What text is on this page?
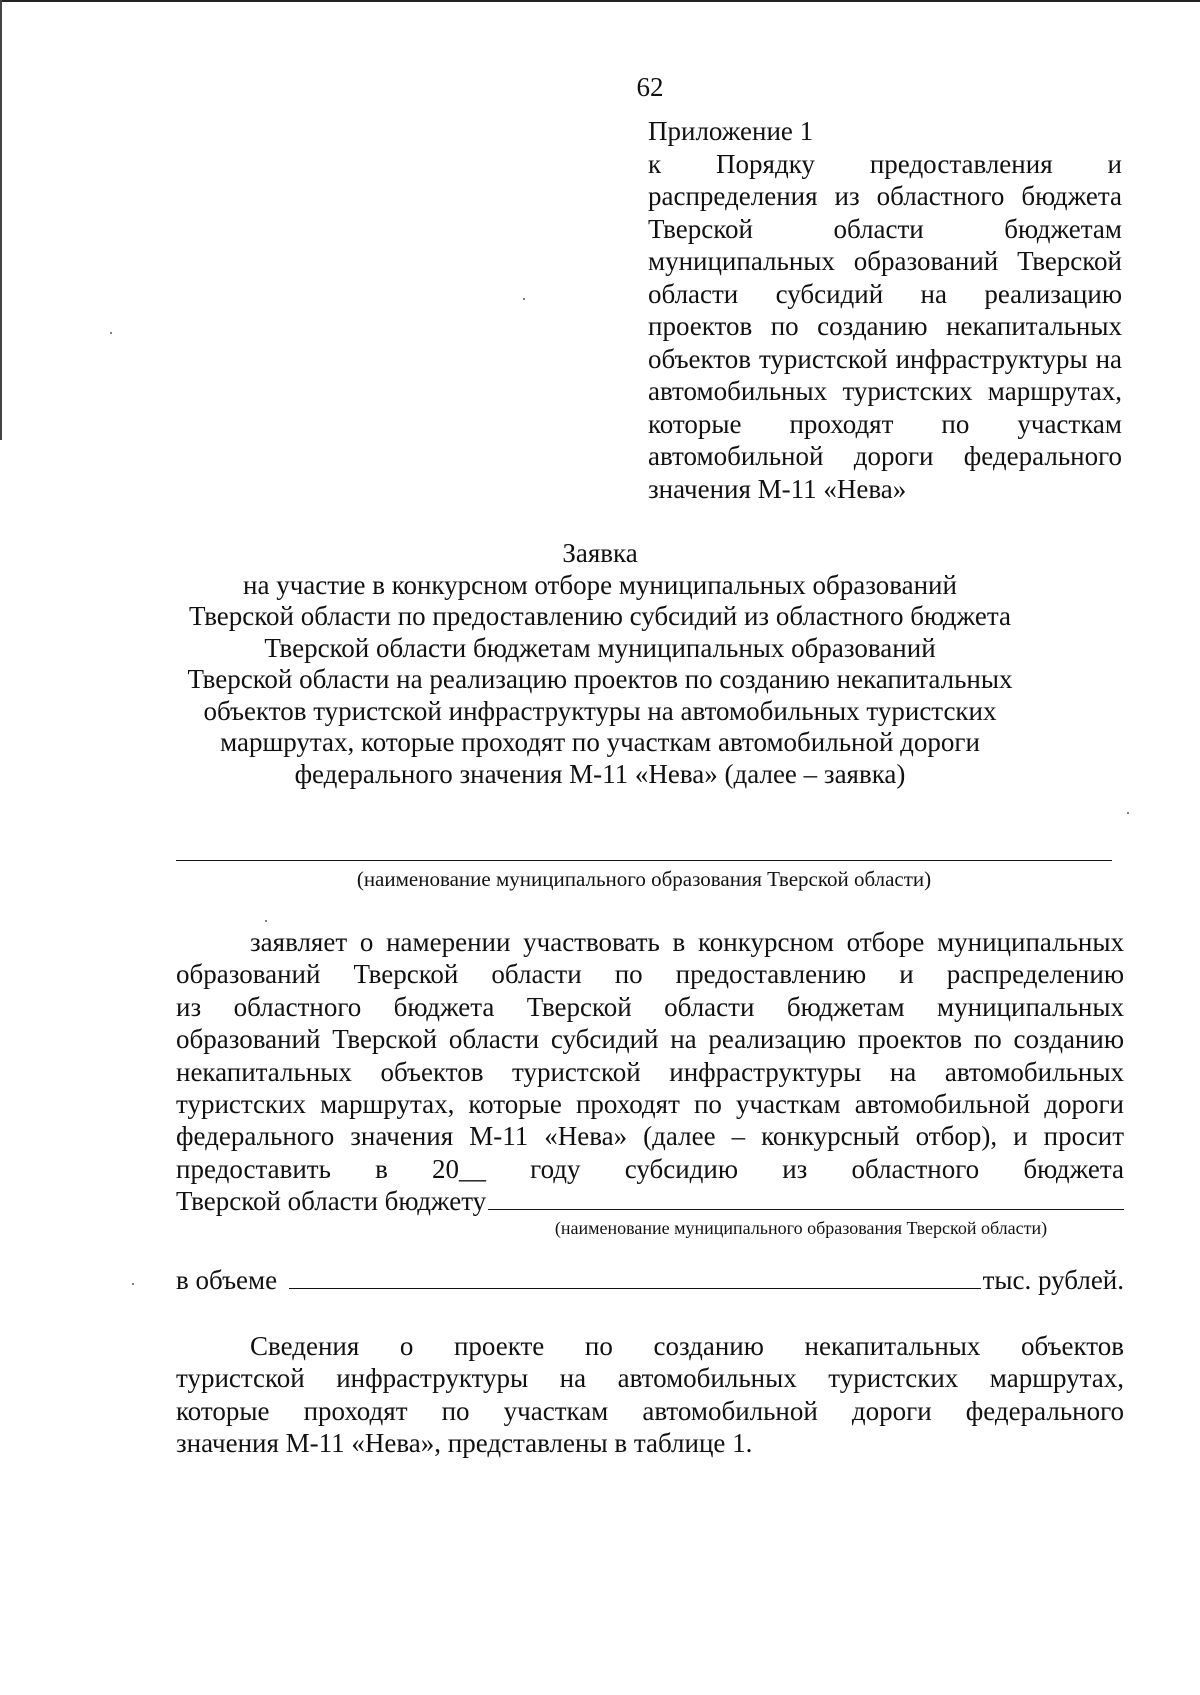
62
Приложение 1
к Порядку предоставления и распределения из областного бюджета Тверской области бюджетам муниципальных образований Тверской области субсидий на реализацию проектов по созданию некапитальных объектов туристской инфраструктуры на автомобильных туристских маршрутах, которые проходят по участкам автомобильной дороги федерального значения М-11 «Нева»
Заявка
на участие в конкурсном отборе муниципальных образований
Тверской области по предоставлению субсидий из областного бюджета
Тверской области бюджетам муниципальных образований
Тверской области на реализацию проектов по созданию некапитальных
объектов туристской инфраструктуры на автомобильных туристских
маршрутах, которые проходят по участкам автомобильной дороги
федерального значения М-11 «Нева» (далее – заявка)
(наименование муниципального образования Тверской области)
заявляет о намерении участвовать в конкурсном отборе муниципальных
образований Тверской области по предоставлению и распределению
из областного бюджета Тверской области бюджетам муниципальных
образований Тверской области субсидий на реализацию проектов по созданию
некапитальных объектов туристской инфраструктуры на автомобильных
туристских маршрутах, которые проходят по участкам автомобильной дороги
федерального значения М-11 «Нева» (далее – конкурсный отбор), и просит
предоставить в 20__ году субсидию из областного бюджета
Тверской области бюджету
(наименование муниципального образования Тверской области)
в объеме	тыс. рублей.
Сведения о проекте по созданию некапитальных объектов
туристской инфраструктуры на автомобильных туристских маршрутах,
которые проходят по участкам автомобильной дороги федерального
значения М-11 «Нева», представлены в таблице 1.
